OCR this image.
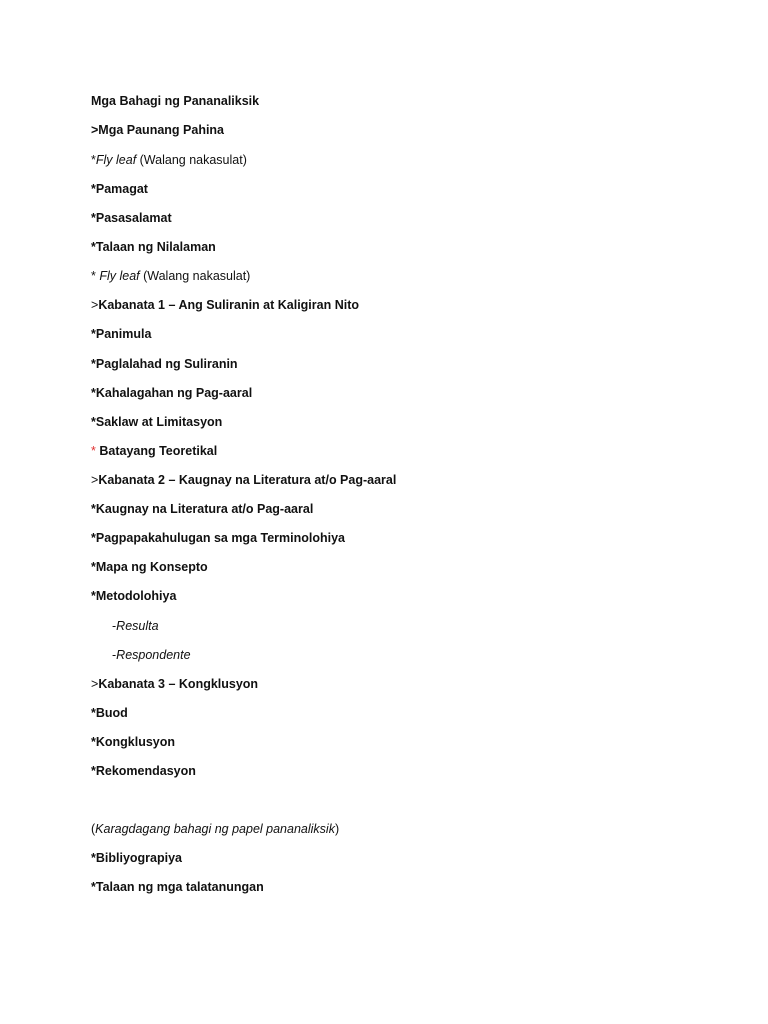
Mga Bahagi ng Pananaliksik
>Mga Paunang Pahina
*Fly leaf (Walang nakasulat)
*Pamagat
*Pasasalamat
*Talaan ng Nilalaman
* Fly leaf (Walang nakasulat)
>Kabanata 1 – Ang Suliranin at Kaligiran Nito
*Panimula
*Paglalahad ng Suliranin
*Kahalagahan ng Pag-aaral
*Saklaw at Limitasyon
* Batayang Teoretikal
>Kabanata 2 – Kaugnay na Literatura at/o Pag-aaral
*Kaugnay na Literatura at/o Pag-aaral
*Pagpapakahulugan sa mga Terminolohiya
*Mapa ng Konsepto
*Metodolohiya
-Resulta
-Respondente
>Kabanata 3 – Kongklusyon
*Buod
*Kongklusyon
*Rekomendasyon
(Karagdagang bahagi ng papel pananaliksik)
*Bibliyograpiya
*Talaan ng mga talatanungan
